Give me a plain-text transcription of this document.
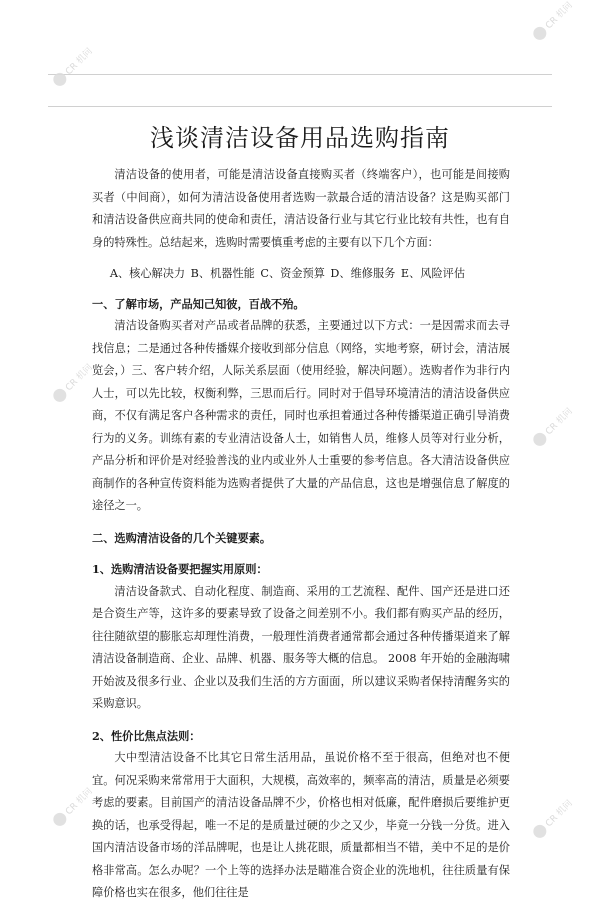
CR 机问
CR 机问
CR 机问
CR 机问
CR 机问	CR 机问
浅谈清洁设备用品选购指南

清洁设备的使用者，可能是清洁设备直接购买者（终端客户），也可能是间接购买者（中间商），如何为清洁设备使用者选购一款最合适的清洁设备？这是购买部门和清洁设备供应商共同的使命和责任，清洁设备行业与其它行业比较有共性，也有自身的特殊性。总结起来，选购时需要慎重考虑的主要有以下几个方面：

A、核心解决力 B、机器性能 C、资金预算 D、维修服务 E、风险评估

一、了解市场，产品知己知彼，百战不殆。

清洁设备购买者对产品或者品牌的获悉，主要通过以下方式：一是因需求而去寻找信息；二是通过各种传播媒介接收到部分信息（网络，实地考察，研讨会，清洁展览会，）三、客户转介绍，人际关系层面（使用经验，解决问题）。选购者作为非行内人士，可以先比较，权衡利弊，三思而后行。同时对于倡导环境清洁的清洁设备供应商，不仅有满足客户各种需求的责任，同时也承担着通过各种传播渠道正确引导消费行为的义务。训练有素的专业清洁设备人士，如销售人员，维修人员等对行业分析，产品分析和评价是对经验善浅的业内或业外人士重要的参考信息。各大清洁设备供应商制作的各种宣传资料能为选购者提供了大量的产品信息，这也是增强信息了解度的途径之一。

二、选购清洁设备的几个关键要素。

1、选购清洁设备要把握实用原则：

清洁设备款式、自动化程度、制造商、采用的工艺流程、配件、国产还是进口还是合资生产等，这许多的要素导致了设备之间差别不小。我们都有购买产品的经历，往往随欲望的膨胀忘却理性消费，一般理性消费者通常都会通过各种传播渠道来了解清洁设备制造商、企业、品牌、机器、服务等大概的信息。 2008 年开始的金融海啸开始波及很多行业、企业以及我们生活的方方面面，所以建议采购者保持清醒务实的采购意识。

2、性价比焦点法则：

大中型清洁设备不比其它日常生活用品，虽说价格不至于很高，但绝对也不便宜。何况采购来常常用于大面积，大规模，高效率的，频率高的清洁，质量是必须要考虑的要素。目前国产的清洁设备品牌不少，价格也相对低廉，配件磨损后要维护更换的话，也承受得起，唯一不足的是质量过硬的少之又少，毕竟一分钱一分货。进入国内清洁设备市场的洋品牌呢，也是让人挑花眼，质量都相当不错，美中不足的是价格非常高。怎么办呢？一个上等的选择办法是瞄准合资企业的洗地机，往往质量有保障价格也实在很多，他们往往是
